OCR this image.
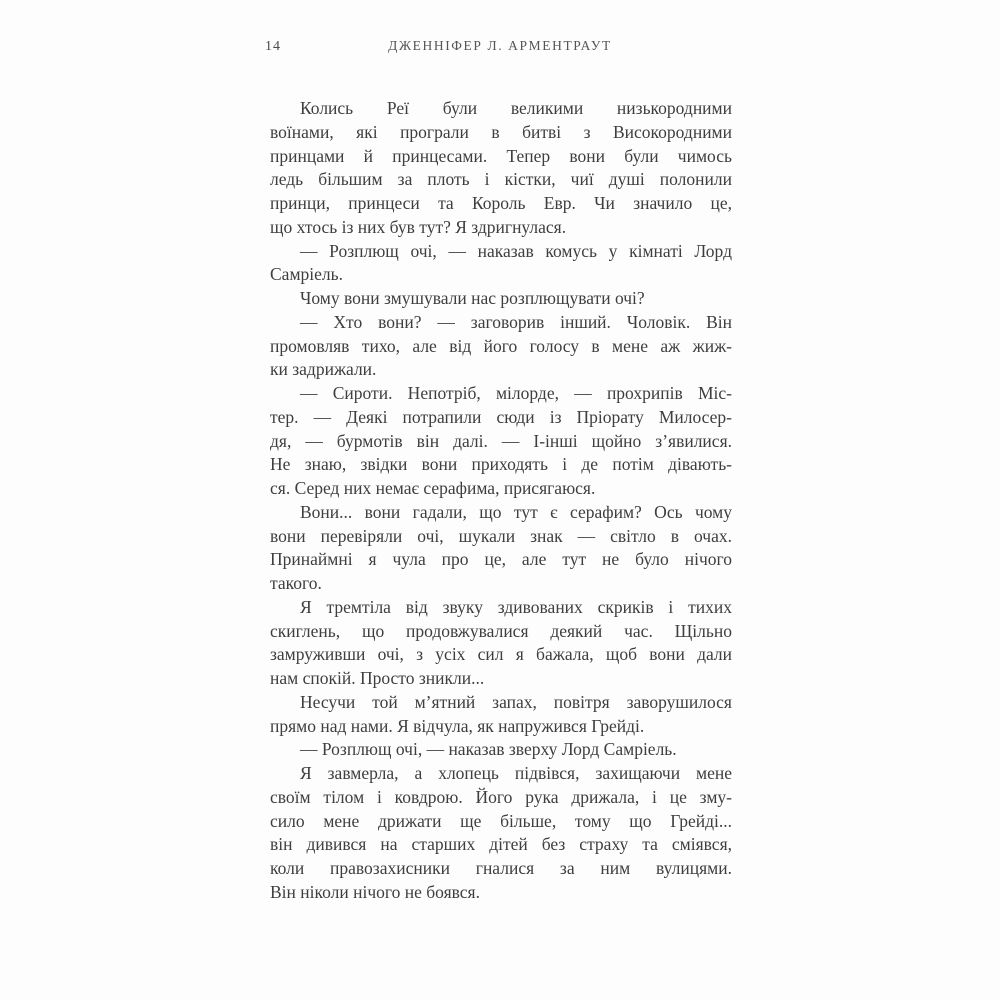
14	ДЖЕННІФЕР Л. АРМЕНТРАУТ
Колись Реї були великими низькородними
воїнами, які програли в битві з Високородними
принцами й принцесами. Тепер вони були чимось
ледь більшим за плоть і кістки, чиї душі полонили
принци, принцеси та Король Евр. Чи значило це,
що хтось із них був тут? Я здригнулася.
— Розплющ очі, — наказав комусь у кімнаті Лорд
Самріель.
Чому вони змушували нас розплющувати очі?
— Хто вони? — заговорив інший. Чоловік. Він
промовляв тихо, але від його голосу в мене аж жиж-
ки задрижали.
— Сироти. Непотріб, мілорде, — прохрипів Міс-
тер. — Деякі потрапили сюди із Пріорату Милосер-
дя, — бурмотів він далі. — І-інші щойно з’явилися.
Не знаю, звідки вони приходять і де потім дівають-
ся. Серед них немає серафима, присягаюся.
Вони... вони гадали, що тут є серафим? Ось чому
вони перевіряли очі, шукали знак — світло в очах.
Принаймні я чула про це, але тут не було нічого
такого.
Я тремтіла від звуку здивованих скриків і тихих
скиглень, що продовжувалися деякий час. Щільно
замруживши очі, з усіх сил я бажала, щоб вони дали
нам спокій. Просто зникли...
Несучи той м’ятний запах, повітря заворушилося
прямо над нами. Я відчула, як напружився Грейді.
— Розплющ очі, — наказав зверху Лорд Самріель.
Я завмерла, а хлопець підвівся, захищаючи мене
своїм тілом і ковдрою. Його рука дрижала, і це зму-
сило мене дрижати ще більше, тому що Грейді...
він дивився на старших дітей без страху та сміявся,
коли правозахисники гналися за ним вулицями.
Він ніколи нічого не боявся.
